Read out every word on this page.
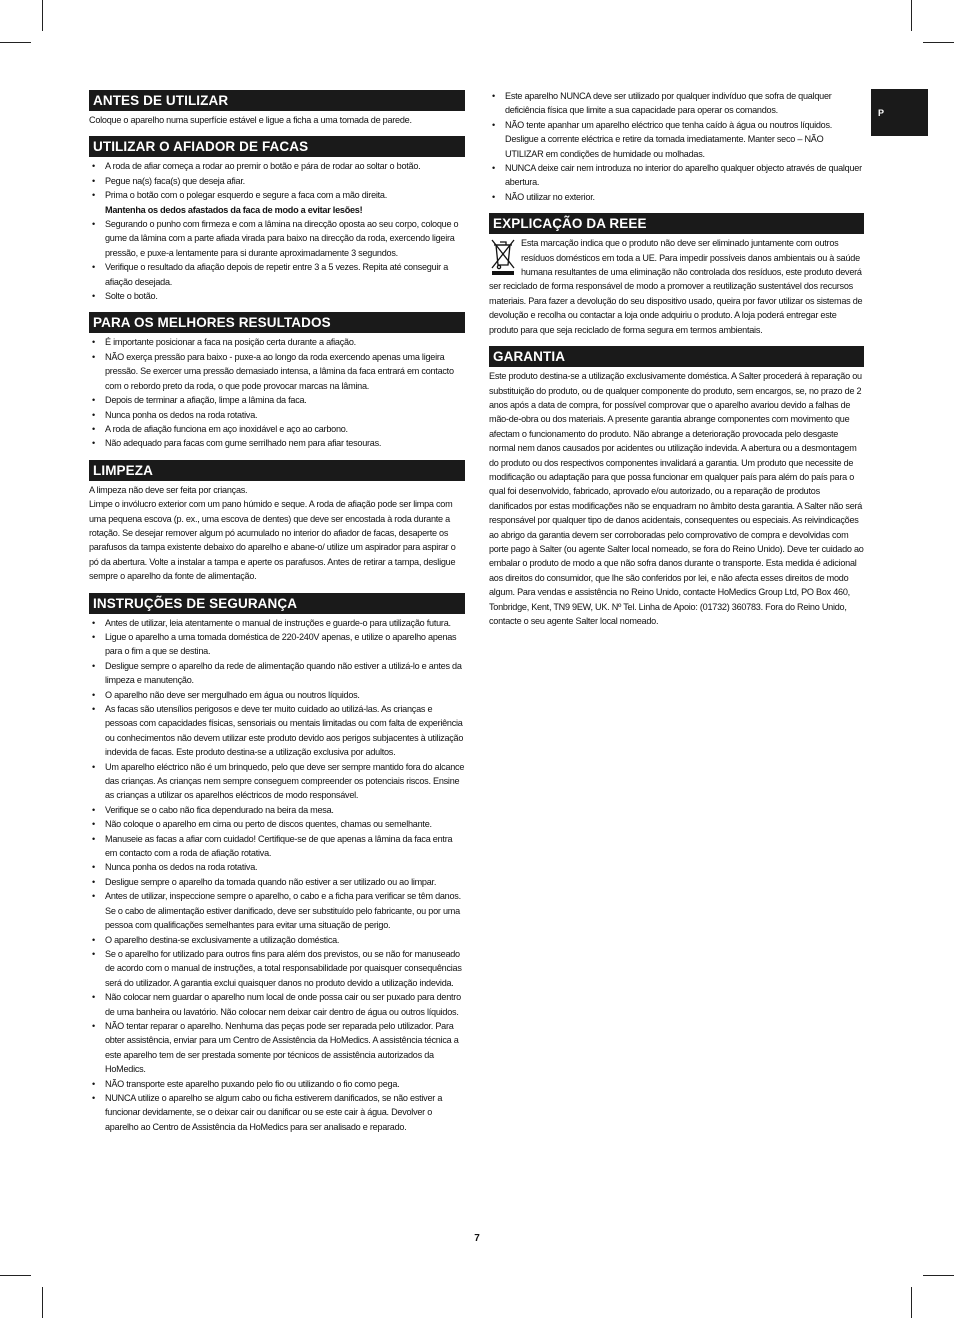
P
ANTES DE UTILIZAR

Coloque o aparelho numa superfície estável e ligue a ficha a uma tomada de parede.

UTILIZAR O AFIADOR DE FACAS
• A roda de afiar começa a rodar ao premir o botão e pára de rodar ao soltar o botão.
• Pegue na(s) faca(s) que deseja afiar.
• Prima o botão com o polegar esquerdo e segure a faca com a mão direita.
Mantenha os dedos afastados da faca de modo a evitar lesões!
• Segurando o punho com firmeza e com a lâmina na direcção oposta ao seu corpo, coloque o gume da lâmina com a parte afiada virada para baixo na direcção da roda, exercendo ligeira pressão, e puxe-a lentamente para si durante aproximadamente 3 segundos.
• Verifique o resultado da afiação depois de repetir entre 3 a 5 vezes. Repita até conseguir a afiação desejada.
• Solte o botão.
PARA OS MELHORES RESULTADOS
• É importante posicionar a faca na posição certa durante a afiação.
• NÃO exerça pressão para baixo - puxe-a ao longo da roda exercendo apenas uma ligeira pressão. Se exercer uma pressão demasiado intensa, a lâmina da faca entrará em contacto com o rebordo preto da roda, o que pode provocar marcas na lâmina.
• Depois de terminar a afiação, limpe a lâmina da faca.
• Nunca ponha os dedos na roda rotativa.
• A roda de afiação funciona em aço inoxidável e aço ao carbono.
• Não adequado para facas com gume serrilhado nem para afiar tesouras.
LIMPEZA

A limpeza não deve ser feita por crianças.

Limpe o invólucro exterior com um pano húmido e seque. A roda de afiação pode ser limpa com uma pequena escova (p. ex., uma escova de dentes) que deve ser encostada à roda durante a rotação. Se desejar remover algum pó acumulado no interior do afiador de facas, desaperte os parafusos da tampa existente debaixo do aparelho e abane-o/ utilize um aspirador para aspirar o pó da abertura. Volte a instalar a tampa e aperte os parafusos. Antes de retirar a tampa, desligue sempre o aparelho da fonte de alimentação.

INSTRUÇÕES DE SEGURANÇA
• Antes de utilizar, leia atentamente o manual de instruções e guarde-o para utilização futura.
• Ligue o aparelho a uma tomada doméstica de 220-240V apenas, e utilize o aparelho apenas para o fim a que se destina.
• Desligue sempre o aparelho da rede de alimentação quando não estiver a utilizá-lo e antes da limpeza e manutenção.
• O aparelho não deve ser mergulhado em água ou noutros líquidos.
• As facas são utensílios perigosos e deve ter muito cuidado ao utilizá-las. As crianças e pessoas com capacidades físicas, sensoriais ou mentais limitadas ou com falta de experiência ou conhecimentos não devem utilizar este produto devido aos perigos subjacentes à utilização indevida de facas. Este produto destina-se a utilização exclusiva por adultos.
• Um aparelho eléctrico não é um brinquedo, pelo que deve ser sempre mantido fora do alcance das crianças. As crianças nem sempre conseguem compreender os potenciais riscos. Ensine as crianças a utilizar os aparelhos eléctricos de modo responsável.
• Verifique se o cabo não fica dependurado na beira da mesa.
• Não coloque o aparelho em cima ou perto de discos quentes, chamas ou semelhante.
• Manuseie as facas a afiar com cuidado! Certifique-se de que apenas a lâmina da faca entra em contacto com a roda de afiação rotativa.
• Nunca ponha os dedos na roda rotativa.
• Desligue sempre o aparelho da tomada quando não estiver a ser utilizado ou ao limpar.
• Antes de utilizar, inspeccione sempre o aparelho, o cabo e a ficha para verificar se têm danos. Se o cabo de alimentação estiver danificado, deve ser substituído pelo fabricante, ou por uma pessoa com qualificações semelhantes para evitar uma situação de perigo.
• O aparelho destina-se exclusivamente a utilização doméstica.
• Se o aparelho for utilizado para outros fins para além dos previstos, ou se não for manuseado de acordo com o manual de instruções, a total responsabilidade por quaisquer consequências será do utilizador. A garantia exclui quaisquer danos no produto devido a utilização indevida.
• Não colocar nem guardar o aparelho num local de onde possa cair ou ser puxado para dentro de uma banheira ou lavatório. Não colocar nem deixar cair dentro de água ou outros líquidos.
• NÃO tentar reparar o aparelho. Nenhuma das peças pode ser reparada pelo utilizador. Para obter assistência, enviar para um Centro de Assistência da HoMedics. A assistência técnica a este aparelho tem de ser prestada somente por técnicos de assistência autorizados da HoMedics.
• NÃO transporte este aparelho puxando pelo fio ou utilizando o fio como pega.
• NUNCA utilize o aparelho se algum cabo ou ficha estiverem danificados, se não estiver a funcionar devidamente, se o deixar cair ou danificar ou se este cair à água. Devolver o aparelho ao Centro de Assistência da HoMedics para ser analisado e reparado.
• Este aparelho NUNCA deve ser utilizado por qualquer indivíduo que sofra de qualquer deficiência física que limite a sua capacidade para operar os comandos.
• NÃO tente apanhar um aparelho eléctrico que tenha caído à água ou noutros líquidos. Desligue a corrente eléctrica e retire da tomada imediatamente. Manter seco – NÃO UTILIZAR em condições de humidade ou molhadas.
• NUNCA deixe cair nem introduza no interior do aparelho qualquer objecto através de qualquer abertura.
• NÃO utilizar no exterior.
EXPLICAÇÃO DA REEE

Esta marcação indica que o produto não deve ser eliminado juntamente com outros resíduos domésticos em toda a UE. Para impedir possíveis danos ambientais ou à saúde humana resultantes de uma eliminação não controlada dos resíduos, este produto deverá ser reciclado de forma responsável de modo a promover a reutilização sustentável dos recursos materiais. Para fazer a devolução do seu dispositivo usado, queira por favor utilizar os sistemas de devolução e recolha ou contactar a loja onde adquiriu o produto. A loja poderá entregar este produto para que seja reciclado de forma segura em termos ambientais.

GARANTIA

Este produto destina-se a utilização exclusivamente doméstica. A Salter procederá à reparação ou substituição do produto, ou de qualquer componente do produto, sem encargos, se, no prazo de 2 anos após a data de compra, for possível comprovar que o aparelho avariou devido a falhas de mão-de-obra ou dos materiais. A presente garantia abrange componentes com movimento que afectam o funcionamento do produto. Não abrange a deterioração provocada pelo desgaste normal nem danos causados por acidentes ou utilização indevida. A abertura ou a desmontagem do produto ou dos respectivos componentes invalidará a garantia. Um produto que necessite de modificação ou adaptação para que possa funcionar em qualquer país para além do país para o qual foi desenvolvido, fabricado, aprovado e/ou autorizado, ou a reparação de produtos danificados por estas modificações não se enquadram no âmbito desta garantia. A Salter não será responsável por qualquer tipo de danos acidentais, consequentes ou especiais. As reivindicações ao abrigo da garantia devem ser corroboradas pelo comprovativo de compra e devolvidas com porte pago à Salter (ou agente Salter local nomeado, se fora do Reino Unido). Deve ter cuidado ao embalar o produto de modo a que não sofra danos durante o transporte. Esta medida é adicional aos direitos do consumidor, que lhe são conferidos por lei, e não afecta esses direitos de modo algum. Para vendas e assistência no Reino Unido, contacte HoMedics Group Ltd, PO Box 460, Tonbridge, Kent, TN9 9EW, UK. Nº Tel. Linha de Apoio: (01732) 360783. Fora do Reino Unido, contacte o seu agente Salter local nomeado.

7
